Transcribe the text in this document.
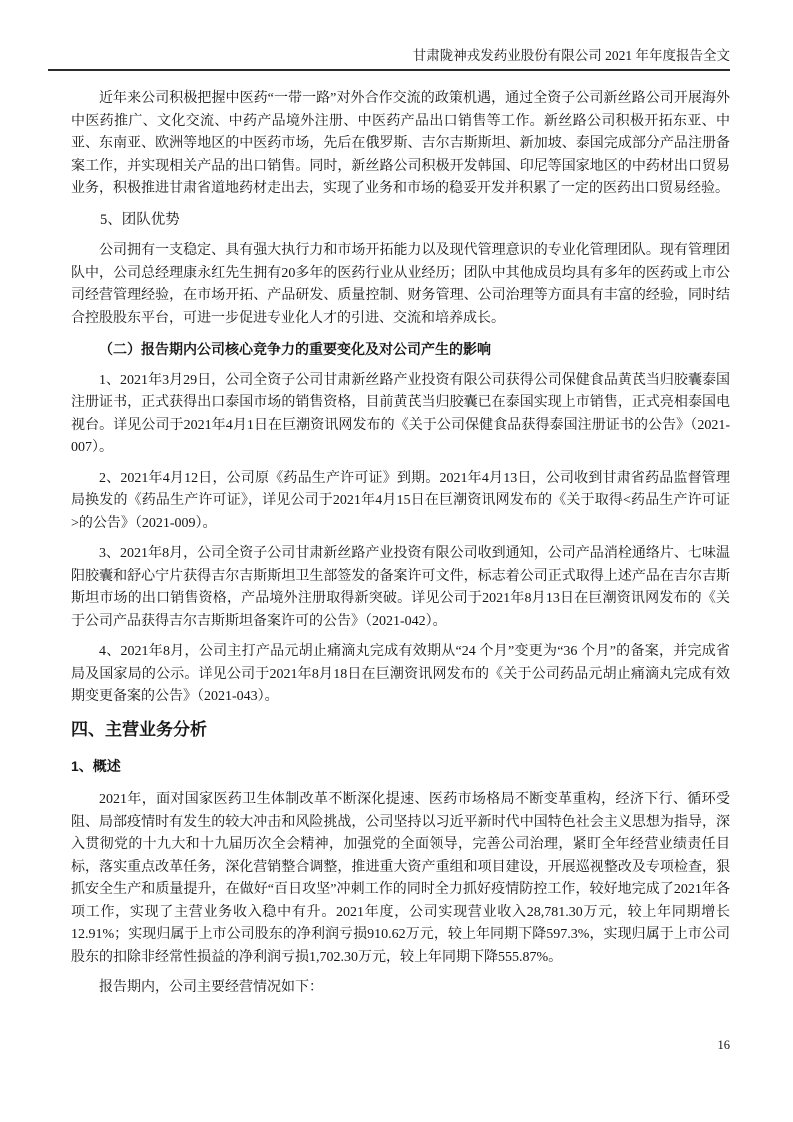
甘肃陇神戎发药业股份有限公司 2021 年年度报告全文

近年来公司积极把握中医药“一带一路”对外合作交流的政策机遇，通过全资子公司新丝路公司开展海外中医药推广、文化交流、中药产品境外注册、中医药产品出口销售等工作。新丝路公司积极开拓东亚、中亚、东南亚、欧洲等地区的中医药市场，先后在俄罗斯、吉尔吉斯斯坦、新加坡、泰国完成部分产品注册备案工作，并实现相关产品的出口销售。同时，新丝路公司积极开发韩国、印尼等国家地区的中药材出口贸易业务，积极推进甘肃省道地药材走出去，实现了业务和市场的稳妥开发并积累了一定的医药出口贸易经验。

5、团队优势

公司拥有一支稳定、具有强大执行力和市场开拓能力以及现代管理意识的专业化管理团队。现有管理团队中，公司总经理康永红先生拥有20多年的医药行业从业经历；团队中其他成员均具有多年的医药或上市公司经营管理经验，在市场开拓、产品研发、质量控制、财务管理、公司治理等方面具有丰富的经验，同时结合控股股东平台，可进一步促进专业化人才的引进、交流和培养成长。

（二）报告期内公司核心竞争力的重要变化及对公司产生的影响

1、2021年3月29日，公司全资子公司甘肃新丝路产业投资有限公司获得公司保健食品黄芪当归胶囊泰国注册证书，正式获得出口泰国市场的销售资格，目前黄芪当归胶囊已在泰国实现上市销售，正式亮相泰国电视台。详见公司于2021年4月1日在巨潮资讯网发布的《关于公司保健食品获得泰国注册证书的公告》（2021-007）。

2、2021年4月12日，公司原《药品生产许可证》到期。2021年4月13日，公司收到甘肃省药品监督管理局换发的《药品生产许可证》，详见公司于2021年4月15日在巨潮资讯网发布的《关于取得<药品生产许可证>的公告》（2021-009）。

3、2021年8月，公司全资子公司甘肃新丝路产业投资有限公司收到通知，公司产品消栓通络片、七味温阳胶囊和舒心宁片获得吉尔吉斯斯坦卫生部签发的备案许可文件，标志着公司正式取得上述产品在吉尔吉斯斯坦市场的出口销售资格，产品境外注册取得新突破。详见公司于2021年8月13日在巨潮资讯网发布的《关于公司产品获得吉尔吉斯斯坦备案许可的公告》（2021-042）。

4、2021年8月，公司主打产品元胡止痛滴丸完成有效期从“24 个月”变更为“36 个月”的备案，并完成省局及国家局的公示。详见公司于2021年8月18日在巨潮资讯网发布的《关于公司药品元胡止痛滴丸完成有效期变更备案的公告》（2021-043）。

四、主营业务分析
1、概述

2021年，面对国家医药卫生体制改革不断深化提速、医药市场格局不断变革重构，经济下行、循环受阻、局部疫情时有发生的较大冲击和风险挑战，公司坚持以习近平新时代中国特色社会主义思想为指导，深入贯彻党的十九大和十九届历次全会精神，加强党的全面领导，完善公司治理，紧盯全年经营业绩责任目标，落实重点改革任务，深化营销整合调整，推进重大资产重组和项目建设，开展巡视整改及专项检查，狠抓安全生产和质量提升，在做好“百日攻坚”冲刺工作的同时全力抓好疫情防控工作，较好地完成了2021年各项工作，实现了主营业务收入稳中有升。2021年度，公司实现营业收入28,781.30万元，较上年同期增长12.91%；实现归属于上市公司股东的净利润亏损910.62万元，较上年同期下降597.3%，实现归属于上市公司股东的扣除非经常性损益的净利润亏损1,702.30万元，较上年同期下降555.87%。

报告期内，公司主要经营情况如下：

16
